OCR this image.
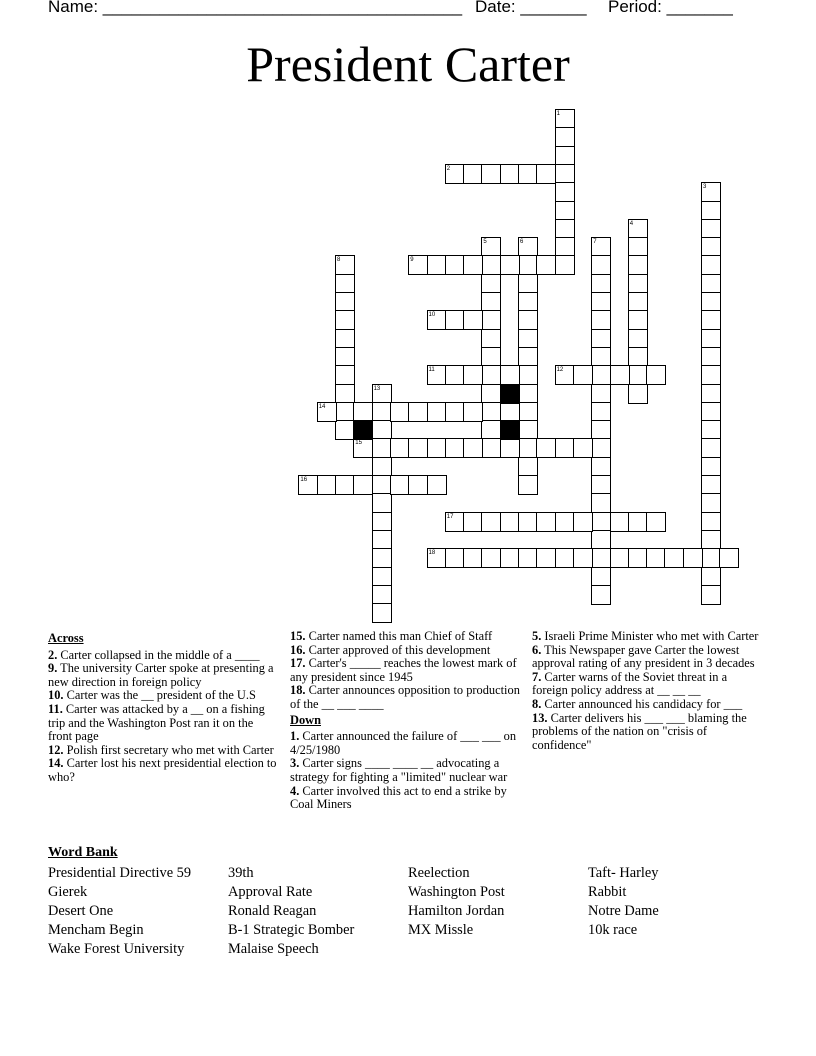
Name: ______________________________________ Date: _______ Period: _______
President Carter
1
2
3
4
5	6	7
8	9
10
11	12
13
14
15
16
17
18

Across

2. Carter collapsed in the middle of a ____

9. The university Carter spoke at presenting a new direction in foreign policy

10. Carter was the __ president of the U.S

11. Carter was attacked by a __ on a fishing trip and the Washington Post ran it on the front page

12. Polish first secretary who met with Carter

14. Carter lost his next presidential election to who?

15. Carter named this man Chief of Staff

16. Carter approved of this development

17. Carter's _____ reaches the lowest mark of any president since 1945

18. Carter announces opposition to production of the __ ___ ____

Down

1. Carter announced the failure of ___ ___ on 4/25/1980

3. Carter signs ____ ____ __ advocating a strategy for fighting a "limited" nuclear war

4. Carter involved this act to end a strike by Coal Miners

5. Israeli Prime Minister who met with Carter

6. This Newspaper gave Carter the lowest approval rating of any president in 3 decades

7. Carter warns of the Soviet threat in a foreign policy address at __ __ __

8. Carter announced his candidacy for ___

13. Carter delivers his ___ ___ blaming the problems of the nation on "crisis of confidence"

Word Bank
Presidential Directive 59
Gierek
Desert One
Mencham Begin
Wake Forest University
39th
Approval Rate
Ronald Reagan
B-1 Strategic Bomber
Malaise Speech
Reelection
Washington Post
Hamilton Jordan
MX Missle
Taft- Harley
Rabbit
Notre Dame
10k race
